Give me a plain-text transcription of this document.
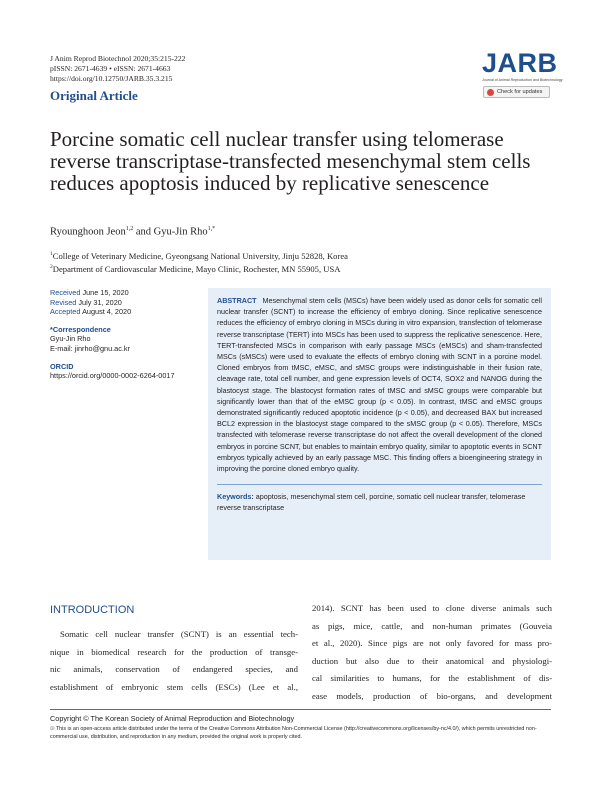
J Anim Reprod Biotechnol 2020;35:215-222
pISSN: 2671-4639 • eISSN: 2671-4663
https://doi.org/10.12750/JARB.35.3.215
JARB
Journal of Animal Reproduction and Biotechnology
Check for updates
Original Article
Porcine somatic cell nuclear transfer using telomerase reverse transcriptase-transfected mesenchymal stem cells reduces apoptosis induced by replicative senescence
Ryounghoon Jeon$^{1,2}$ and Gyu-Jin Rho$^{1,*}$
$^1$College of Veterinary Medicine, Gyeongsang National University, Jinju 52828, Korea
$^2$Department of Cardiovascular Medicine, Mayo Clinic, Rochester, MN 55905, USA
Received June 15, 2020
Revised July 31, 2020
Accepted August 4, 2020
*Correspondence
Gyu-Jin Rho
E-mail: jinrho@gnu.ac.kr
ORCID
https://orcid.org/0000-0002-6264-0017
ABSTRACT Mesenchymal stem cells (MSCs) have been widely used as donor cells for somatic cell nuclear transfer (SCNT) to increase the efficiency of embryo cloning. Since replicative senescence reduces the efficiency of embryo cloning in MSCs during in vitro expansion, transfection of telomerase reverse transcriptase (TERT) into MSCs has been used to suppress the replicative senescence. Here, TERT-transfected MSCs in comparison with early passage MSCs (eMSCs) and sham-transfected MSCs (sMSCs) were used to evaluate the effects of embryo cloning with SCNT in a porcine model. Cloned embryos from tMSC, eMSC, and sMSC groups were indistinguishable in their fusion rate, cleavage rate, total cell number, and gene expression levels of OCT4, SOX2 and NANOG during the blastocyst stage. The blastocyst formation rates of tMSC and sMSC groups were comparable but significantly lower than that of the eMSC group (p < 0.05). In contrast, tMSC and eMSC groups demonstrated significantly reduced apoptotic incidence (p < 0.05), and decreased BAX but increased BCL2 expression in the blastocyst stage compared to the sMSC group (p < 0.05). Therefore, MSCs transfected with telomerase reverse transcriptase do not affect the overall development of the cloned embryos in porcine SCNT, but enables to maintain embryo quality, similar to apoptotic events in SCNT embryos typically achieved by an early passage MSC. This finding offers a bioengineering strategy in improving the porcine cloned embryo quality.
Keywords: apoptosis, mesenchymal stem cell, porcine, somatic cell nuclear transfer, telomerase reverse transcriptase
INTRODUCTION
Somatic cell nuclear transfer (SCNT) is an essential tech-
nique in biomedical research for the production of transge-
nic animals, conservation of endangered species, and
establishment of embryonic stem cells (ESCs) (Lee et al.,
2014). SCNT has been used to clone diverse animals such
as pigs, mice, cattle, and non-human primates (Gouveia
et al., 2020). Since pigs are not only favored for mass pro-
duction but also due to their anatomical and physiologi-
cal similarities to humans, for the establishment of dis-
ease models, production of bio-organs, and development
Copyright © The Korean Society of Animal Reproduction and Biotechnology
🄯 This is an open-access article distributed under the terms of the Creative Commons Attribution Non-Commercial License (http://creativecommons.org/licenses/by-nc/4.0/), which permits unrestricted non-commercial use, distribution, and reproduction in any medium, provided the original work is properly cited.
